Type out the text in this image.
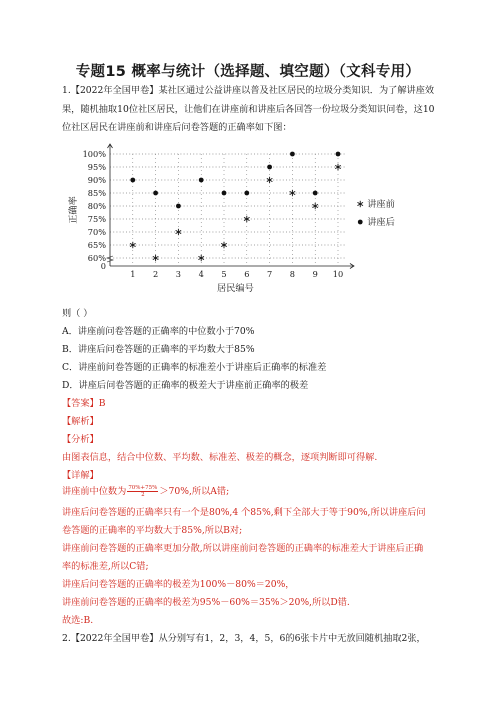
专题15 概率与统计（选择题、填空题）（文科专用）
1.【2022年全国甲卷】某社区通过公益讲座以普及社区居民的垃圾分类知识．为了解讲座效果，随机抽取10位社区居民，让他们在讲座前和讲座后各回答一份垃圾分类知识问卷，这10位社区居民在讲座前和讲座后问卷答题的正确率如下图：
0
60%
65%
70%
75%
80%
85%
90%
95%
100%
1 2 3 4 5 6 7 8 9 10
居民编号
正确率	讲座前
讲座后
则（ ）
A．讲座前问卷答题的正确率的中位数小于70%
B．讲座后问卷答题的正确率的平均数大于85%
C．讲座前问卷答题的正确率的标准差小于讲座后正确率的标准差
D．讲座后问卷答题的正确率的极差大于讲座前正确率的极差
【答案】B
【解析】
【分析】
由图表信息，结合中位数、平均数、标准差、极差的概念，逐项判断即可得解.
【详解】
讲座前中位数为 $\frac{70\%+75\%}{2} >70\%$,所以A错;
讲座后问卷答题的正确率只有一个是80%,4 个85%,剩下全部大于等于90%,所以讲座后问
卷答题的正确率的平均数大于85%,所以B对;
讲座前问卷答题的正确率更加分散,所以讲座前问卷答题的正确率的标准差大于讲座后正确
率的标准差,所以C错;
讲座后问卷答题的正确率的极差为100%－80%＝20%，
讲座前问卷答题的正确率的极差为95%－60%＝35%＞20%,所以D错.
故选:B.
2.【2022年全国甲卷】从分别写有1，2，3，4，5，6的6张卡片中无放回随机抽取2张，
